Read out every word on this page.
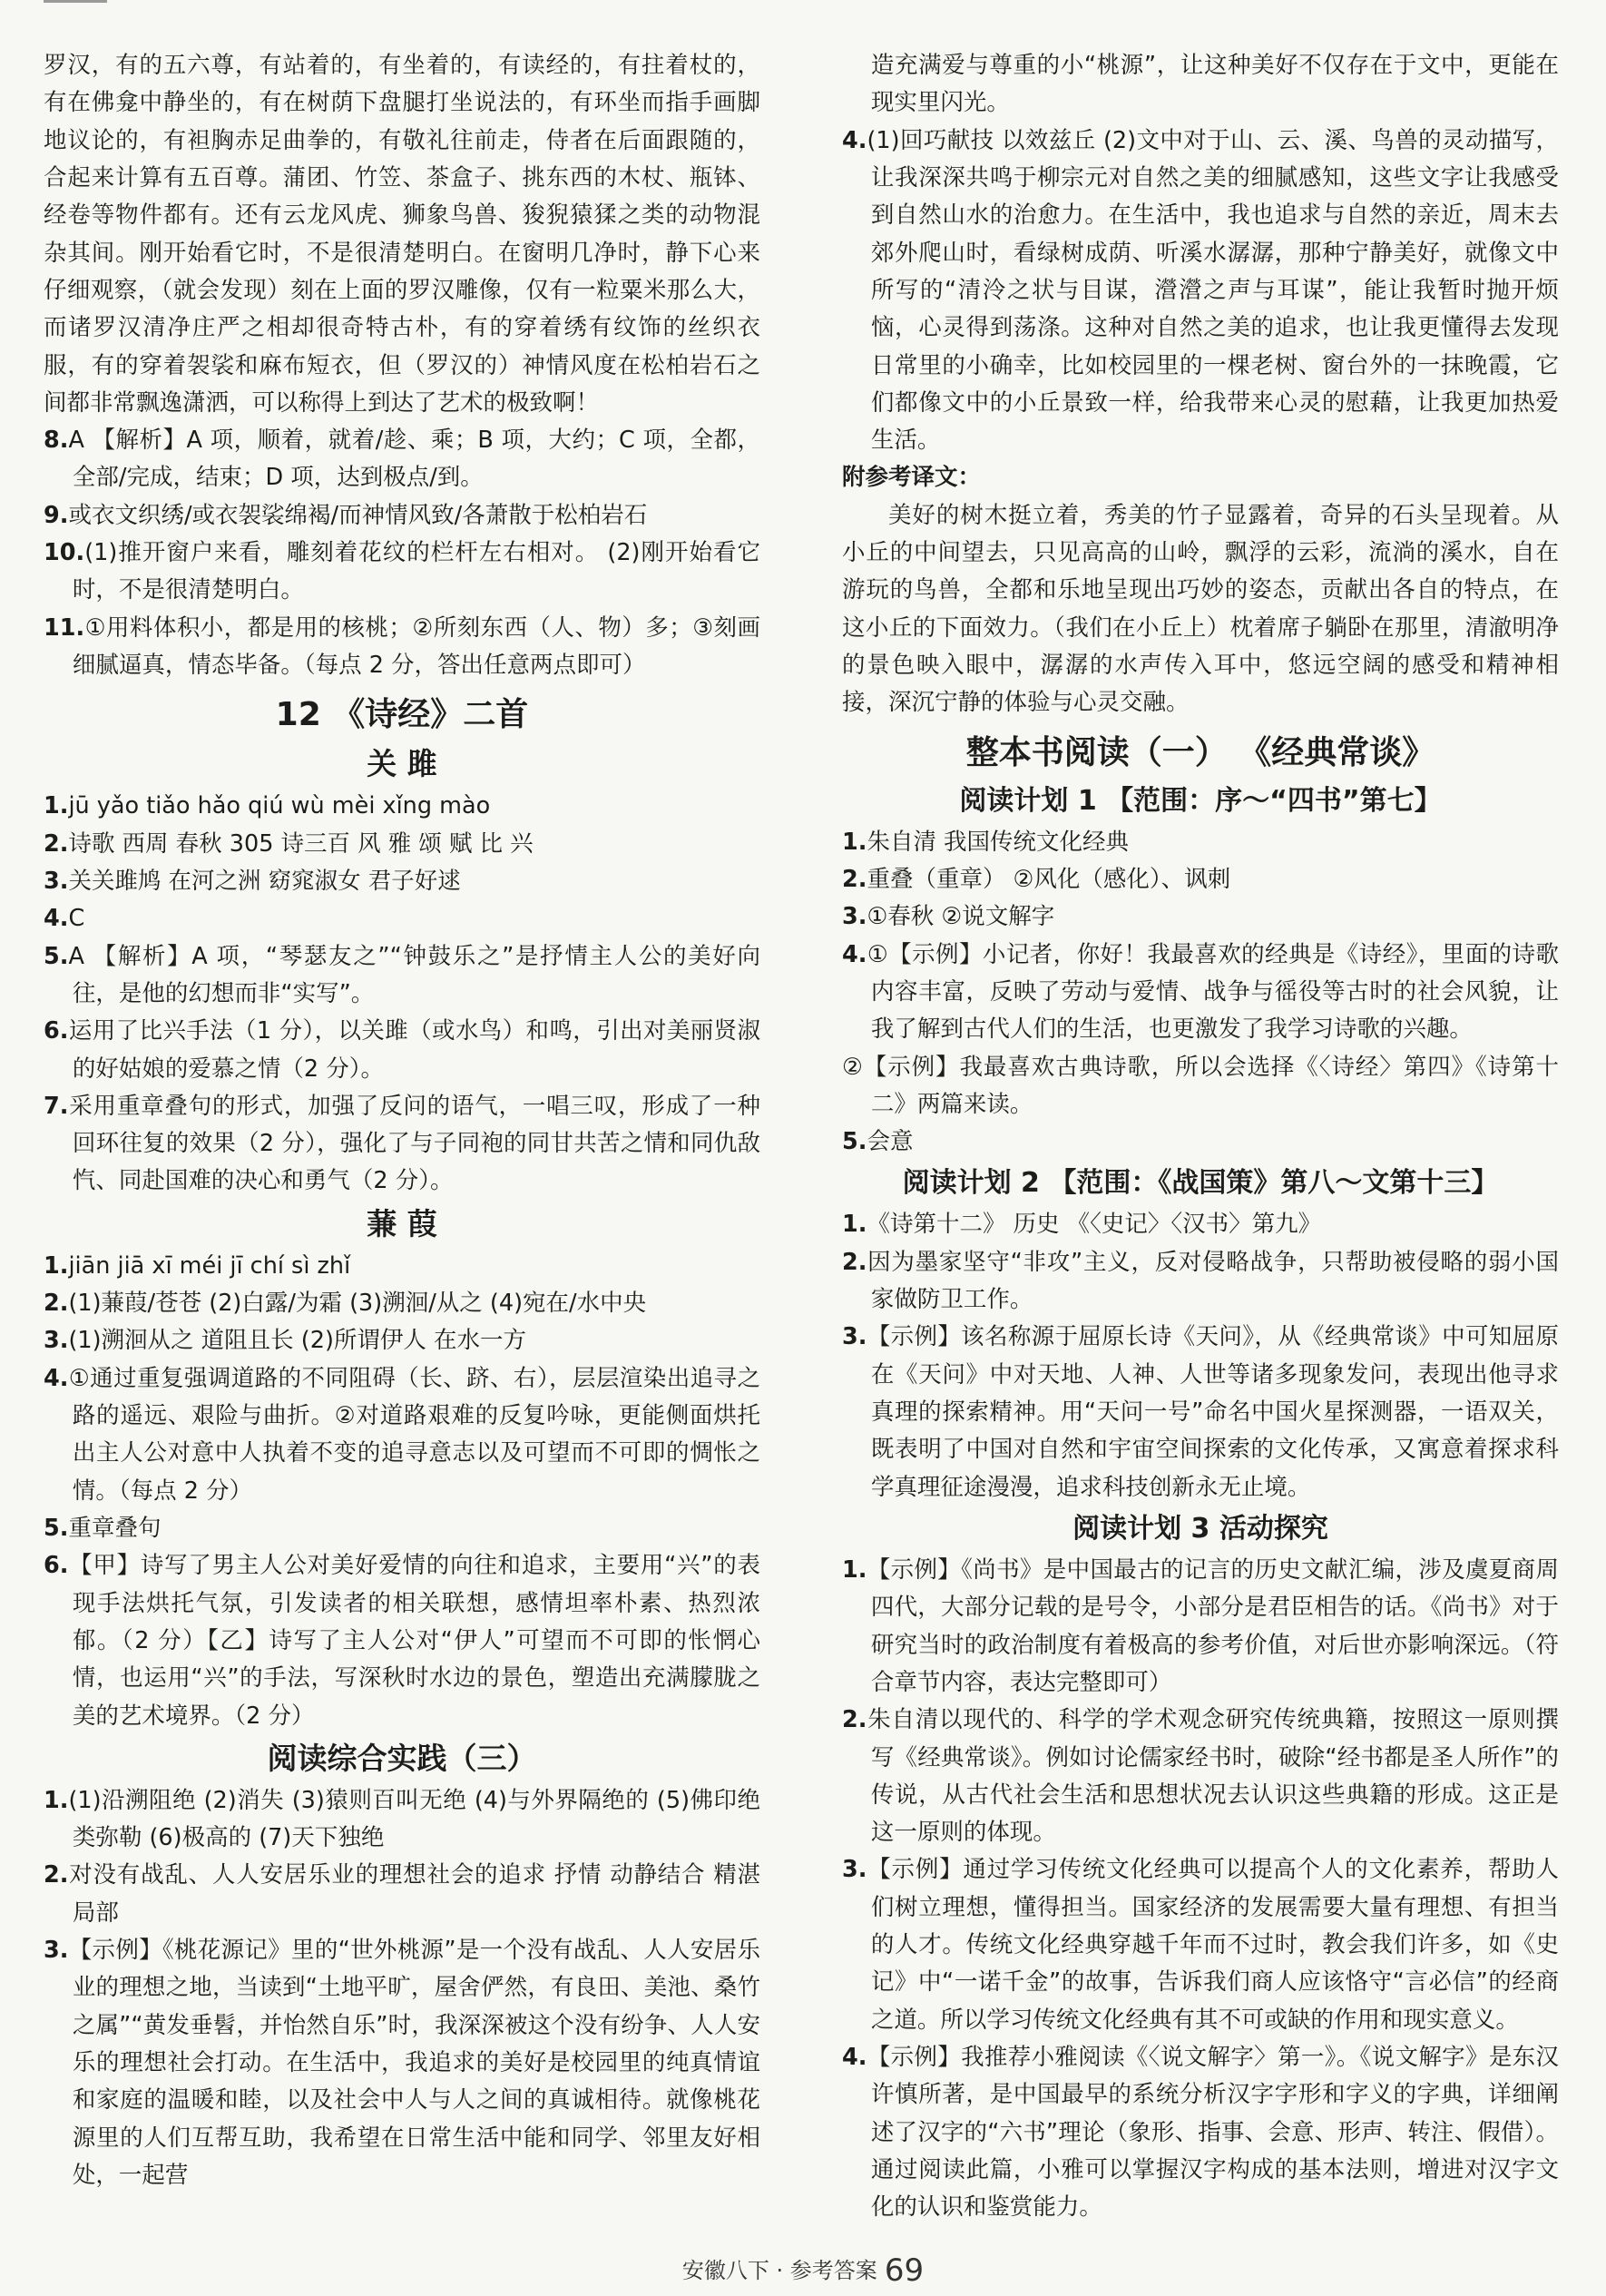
罗汉，有的五六尊，有站着的，有坐着的，有读经的，有拄着杖的，有在佛龛中静坐的，有在树荫下盘腿打坐说法的，有环坐而指手画脚地议论的，有袒胸赤足曲拳的，有敬礼往前走，侍者在后面跟随的，合起来计算有五百尊。蒲团、竹笠、茶盒子、挑东西的木杖、瓶钵、经卷等物件都有。还有云龙风虎、狮象鸟兽、狻猊猿猱之类的动物混杂其间。刚开始看它时，不是很清楚明白。在窗明几净时，静下心来仔细观察，（就会发现）刻在上面的罗汉雕像，仅有一粒粟米那么大，而诸罗汉清净庄严之相却很奇特古朴，有的穿着绣有纹饰的丝织衣服，有的穿着袈裟和麻布短衣，但（罗汉的）神情风度在松柏岩石之间都非常飘逸潇洒，可以称得上到达了艺术的极致啊！

8.A 【解析】A 项，顺着，就着/趁、乘；B 项，大约；C 项，全都，全部/完成，结束；D 项，达到极点/到。

9.或衣文织绣/或衣袈裟绵褐/而神情风致/各萧散于松柏岩石

10.(1)推开窗户来看，雕刻着花纹的栏杆左右相对。 (2)刚开始看它时，不是很清楚明白。

11.①用料体积小，都是用的核桃；②所刻东西（人、物）多；③刻画细腻逼真，情态毕备。（每点 2 分，答出任意两点即可）

12 《诗经》二首
关 雎

1.jū yǎo tiǎo hǎo qiú wù mèi xǐng mào

2.诗歌 西周 春秋 305 诗三百 风 雅 颂 赋 比 兴

3.关关雎鸠 在河之洲 窈窕淑女 君子好逑

4.C

5.A 【解析】A 项，“琴瑟友之”“钟鼓乐之”是抒情主人公的美好向往，是他的幻想而非“实写”。

6.运用了比兴手法（1 分），以关雎（或水鸟）和鸣，引出对美丽贤淑的好姑娘的爱慕之情（2 分）。

7.采用重章叠句的形式，加强了反问的语气，一唱三叹，形成了一种回环往复的效果（2 分），强化了与子同袍的同甘共苦之情和同仇敌忾、同赴国难的决心和勇气（2 分）。

蒹 葭

1.jiān jiā xī méi jī chí sì zhǐ

2.(1)蒹葭/苍苍 (2)白露/为霜 (3)溯洄/从之 (4)宛在/水中央

3.(1)溯洄从之 道阻且长 (2)所谓伊人 在水一方

4.①通过重复强调道路的不同阻碍（长、跻、右），层层渲染出追寻之路的遥远、艰险与曲折。②对道路艰难的反复吟咏，更能侧面烘托出主人公对意中人执着不变的追寻意志以及可望而不可即的惆怅之情。（每点 2 分）

5.重章叠句

6.【甲】诗写了男主人公对美好爱情的向往和追求，主要用“兴”的表现手法烘托气氛，引发读者的相关联想，感情坦率朴素、热烈浓郁。（2 分）【乙】诗写了主人公对“伊人”可望而不可即的怅惘心情，也运用“兴”的手法，写深秋时水边的景色，塑造出充满朦胧之美的艺术境界。（2 分）

阅读综合实践（三）

1.(1)沿溯阻绝 (2)消失 (3)猿则百叫无绝 (4)与外界隔绝的 (5)佛印绝类弥勒 (6)极高的 (7)天下独绝

2.对没有战乱、人人安居乐业的理想社会的追求 抒情 动静结合 精湛 局部

3.【示例】《桃花源记》里的“世外桃源”是一个没有战乱、人人安居乐业的理想之地，当读到“土地平旷，屋舍俨然，有良田、美池、桑竹之属”“黄发垂髫，并怡然自乐”时，我深深被这个没有纷争、人人安乐的理想社会打动。在生活中，我追求的美好是校园里的纯真情谊和家庭的温暖和睦，以及社会中人与人之间的真诚相待。就像桃花源里的人们互帮互助，我希望在日常生活中能和同学、邻里友好相处，一起营

造充满爱与尊重的小“桃源”，让这种美好不仅存在于文中，更能在现实里闪光。

4.(1)回巧献技 以效兹丘 (2)文中对于山、云、溪、鸟兽的灵动描写，让我深深共鸣于柳宗元对自然之美的细腻感知，这些文字让我感受到自然山水的治愈力。在生活中，我也追求与自然的亲近，周末去郊外爬山时，看绿树成荫、听溪水潺潺，那种宁静美好，就像文中所写的“清泠之状与目谋，瀯瀯之声与耳谋”，能让我暂时抛开烦恼，心灵得到荡涤。这种对自然之美的追求，也让我更懂得去发现日常里的小确幸，比如校园里的一棵老树、窗台外的一抹晚霞，它们都像文中的小丘景致一样，给我带来心灵的慰藉，让我更加热爱生活。

附参考译文：

美好的树木挺立着，秀美的竹子显露着，奇异的石头呈现着。从小丘的中间望去，只见高高的山岭，飘浮的云彩，流淌的溪水，自在游玩的鸟兽，全都和乐地呈现出巧妙的姿态，贡献出各自的特点，在这小丘的下面效力。（我们在小丘上）枕着席子躺卧在那里，清澈明净的景色映入眼中，潺潺的水声传入耳中，悠远空阔的感受和精神相接，深沉宁静的体验与心灵交融。

整本书阅读（一） 《经典常谈》
阅读计划 1 【范围：序～“四书”第七】

1.朱自清 我国传统文化经典

2.重叠（重章） ②风化（感化）、讽刺

3.①春秋 ②说文解字

4.①【示例】小记者，你好！我最喜欢的经典是《诗经》，里面的诗歌内容丰富，反映了劳动与爱情、战争与徭役等古时的社会风貌，让我了解到古代人们的生活，也更激发了我学习诗歌的兴趣。

②【示例】我最喜欢古典诗歌，所以会选择《〈诗经〉第四》《诗第十二》两篇来读。

5.会意

阅读计划 2 【范围：《战国策》第八～文第十三】

1.《诗第十二》 历史 《〈史记〉〈汉书〉第九》

2.因为墨家坚守“非攻”主义，反对侵略战争，只帮助被侵略的弱小国家做防卫工作。

3.【示例】该名称源于屈原长诗《天问》，从《经典常谈》中可知屈原在《天问》中对天地、人神、人世等诸多现象发问，表现出他寻求真理的探索精神。用“天问一号”命名中国火星探测器，一语双关，既表明了中国对自然和宇宙空间探索的文化传承，又寓意着探求科学真理征途漫漫，追求科技创新永无止境。

阅读计划 3 活动探究

1.【示例】《尚书》是中国最古的记言的历史文献汇编，涉及虞夏商周四代，大部分记载的是号令，小部分是君臣相告的话。《尚书》对于研究当时的政治制度有着极高的参考价值，对后世亦影响深远。（符合章节内容，表达完整即可）

2.朱自清以现代的、科学的学术观念研究传统典籍，按照这一原则撰写《经典常谈》。例如讨论儒家经书时，破除“经书都是圣人所作”的传说，从古代社会生活和思想状况去认识这些典籍的形成。这正是这一原则的体现。

3.【示例】通过学习传统文化经典可以提高个人的文化素养，帮助人们树立理想，懂得担当。国家经济的发展需要大量有理想、有担当的人才。传统文化经典穿越千年而不过时，教会我们许多，如《史记》中“一诺千金”的故事，告诉我们商人应该恪守“言必信”的经商之道。所以学习传统文化经典有其不可或缺的作用和现实意义。

4.【示例】我推荐小雅阅读《〈说文解字〉第一》。《说文解字》是东汉许慎所著，是中国最早的系统分析汉字字形和字义的字典，详细阐述了汉字的“六书”理论（象形、指事、会意、形声、转注、假借）。通过阅读此篇，小雅可以掌握汉字构成的基本法则，增进对汉字文化的认识和鉴赏能力。

安徽八下 · 参考答案 69
